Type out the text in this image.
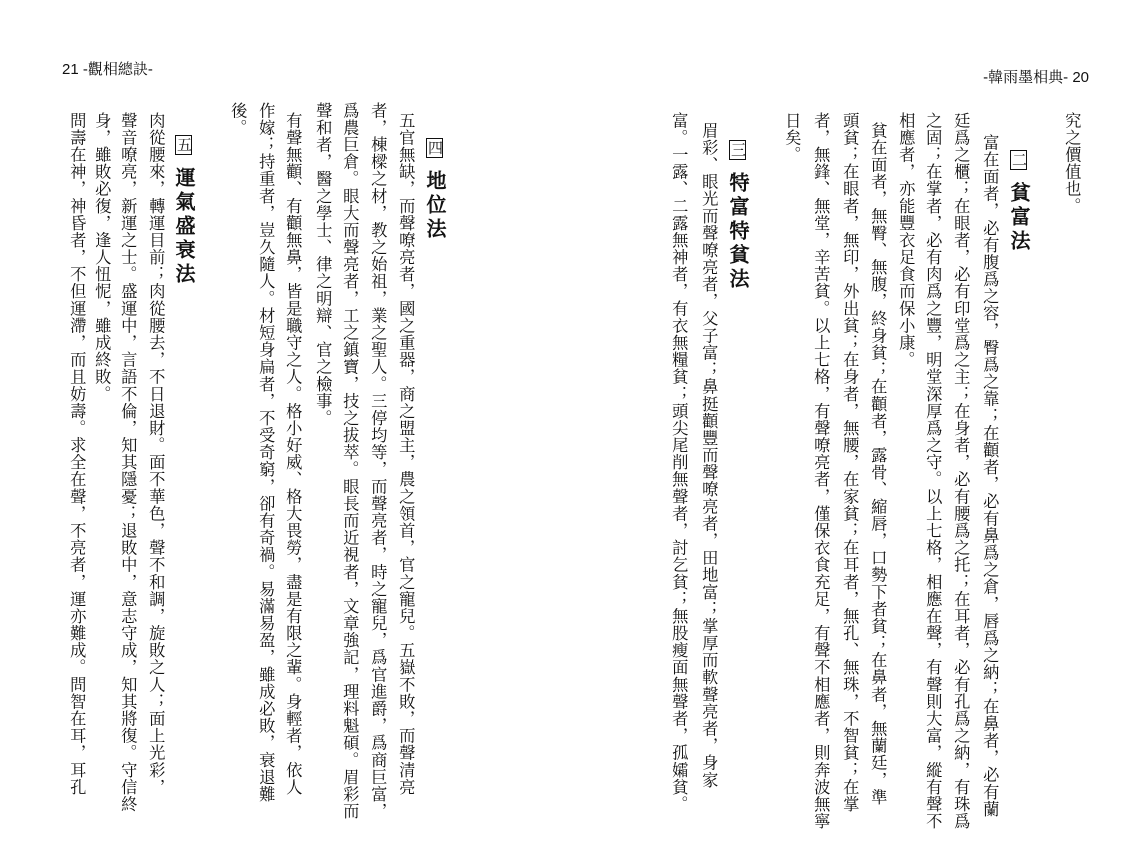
21 -觀相總訣-
問壽在神，神昏者，不但運滯，而且妨壽。求全在聲，不亮者，運亦難成。問智在耳，耳孔 身，雖敗必復，逢人忸怩，雖成終敗。 聲音嘹亮，新運之士。盛運中，言語不倫，知其隱憂；退敗中，意志守成，知其將復。守信終 肉從腰來，轉運目前；肉從腰去，不日退財。面不華色，聲不和調，旋敗之人；面上光彩， 五 運氣盛衰法
後。 作嫁；持重者，豈久隨人。材短身扁者，不受奇窮，卻有奇禍。易滿易盈，雖成必敗，衰退難 有聲無顴、有顴無鼻，皆是職守之人。格小好威、格大畏勞，盡是有限之輩。身輕者，依人 聲和者，醫之學士、律之明辯、官之檢事。 爲農巨倉。眼大而聲亮者，工之鎮寶，技之拔萃。眼長而近視者，文章強記，理料魁碩。眉彩而 者，棟樑之材，教之始祖，業之聖人。三停均等，而聲亮者，時之寵兒，爲官進爵，爲商巨富， 五官無缺，而聲嘹亮者，國之重器，商之盟主，農之領首，官之寵兒。五嶽不敗，而聲清亮 四 地位法
-韓雨墨相典- 20
富。一露、二露無神者，有衣無糧貧；頭尖尾削無聲者，討乞貧；無股瘦面無聲者，孤孀貧。 眉彩、眼光而聲嘹亮者，父子富；鼻挺顴豐而聲嘹亮者，田地富；掌厚而軟聲亮者，身家 三 特富特貧法
日矣。 者，無鋒、無堂，辛苦貧。以上七格，有聲嘹亮者，僅保衣食充足，有聲不相應者，則奔波無寧 頭貧；在眼者，無印，外出貧；在身者，無腰，在家貧；在耳者，無孔、無珠，不智貧；在掌 貧在面者，無臀、無腹，終身貧；在顴者，露骨、縮唇，口勢下者貧；在鼻者，無蘭廷，準 相應者，亦能豐衣足食而保小康。 之固；在掌者，必有肉爲之豐，明堂深厚爲之守。以上七格，相應在聲，有聲則大富，縱有聲不 廷爲之櫃；在眼者，必有印堂爲之主；在身者，必有腰爲之托；在耳者，必有孔爲之納，有珠爲 富在面者，必有腹爲之容，臀爲之靠；在顴者，必有鼻爲之倉，唇爲之納；在鼻者，必有蘭 二 貧富法
究之價值也。
